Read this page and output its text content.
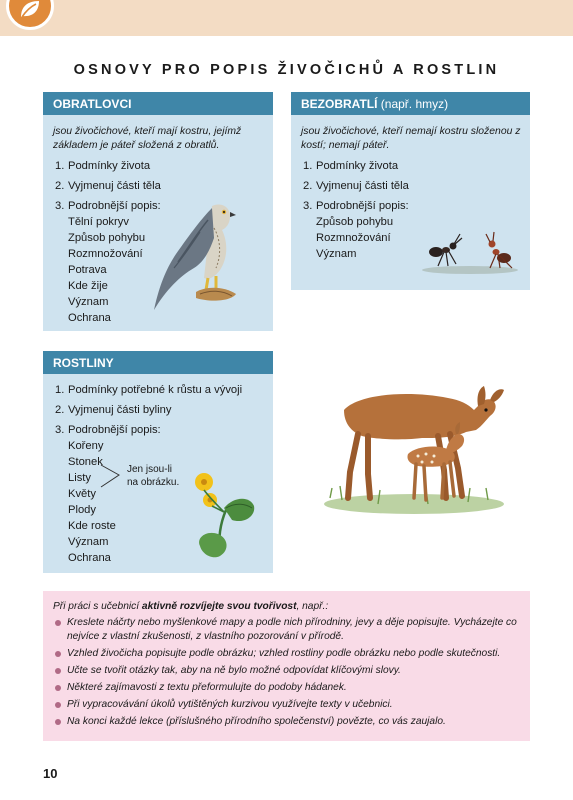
OSNOVY PRO POPIS ŽIVOČICHŮ A ROSTLIN
OBRATLOVCI
jsou živočichové, kteří mají kostru, jejímž základem je páteř složená z obratlů.
1. Podmínky života
2. Vyjmenuj části těla
3. Podrobnější popis:
Tělní pokryv
Způsob pohybu
Rozmnožování
Potrava
Kde žije
Význam
Ochrana
BEZOBRATLÍ (např. hmyz)
jsou živočichové, kteří nemají kostru složenou z kostí; nemají páteř.
1. Podmínky života
2. Vyjmenuj části těla
3. Podrobnější popis:
Způsob pohybu
Rozmnožování
Význam
ROSTLINY
1. Podmínky potřebné k růstu a vývoji
2. Vyjmenuj části byliny
3. Podrobnější popis:
Kořeny
Stonek
Listy
Květy
Plody
Kde roste
Význam
Ochrana
Jen jsou-li
na obrázku.
Při práci s učebnicí aktivně rozvíjejte svou tvořivost, např.:
Kreslete náčrty nebo myšlenkové mapy a podle nich přírodniny, jevy a děje popisujte. Vycházejte co nejvíce z vlastní zkušenosti, z vlastního pozorování v přírodě.
Vzhled živočicha popisujte podle obrázku; vzhled rostliny podle obrázku nebo podle skutečnosti.
Učte se tvořit otázky tak, aby na ně bylo možné odpovídat klíčovými slovy.
Některé zajímavosti z textu přeformulujte do podoby hádanek.
Při vypracovávání úkolů vytištěných kurzivou využívejte texty v učebnici.
Na konci každé lekce (příslušného přírodního společenství) povězte, co vás zaujalo.
10
